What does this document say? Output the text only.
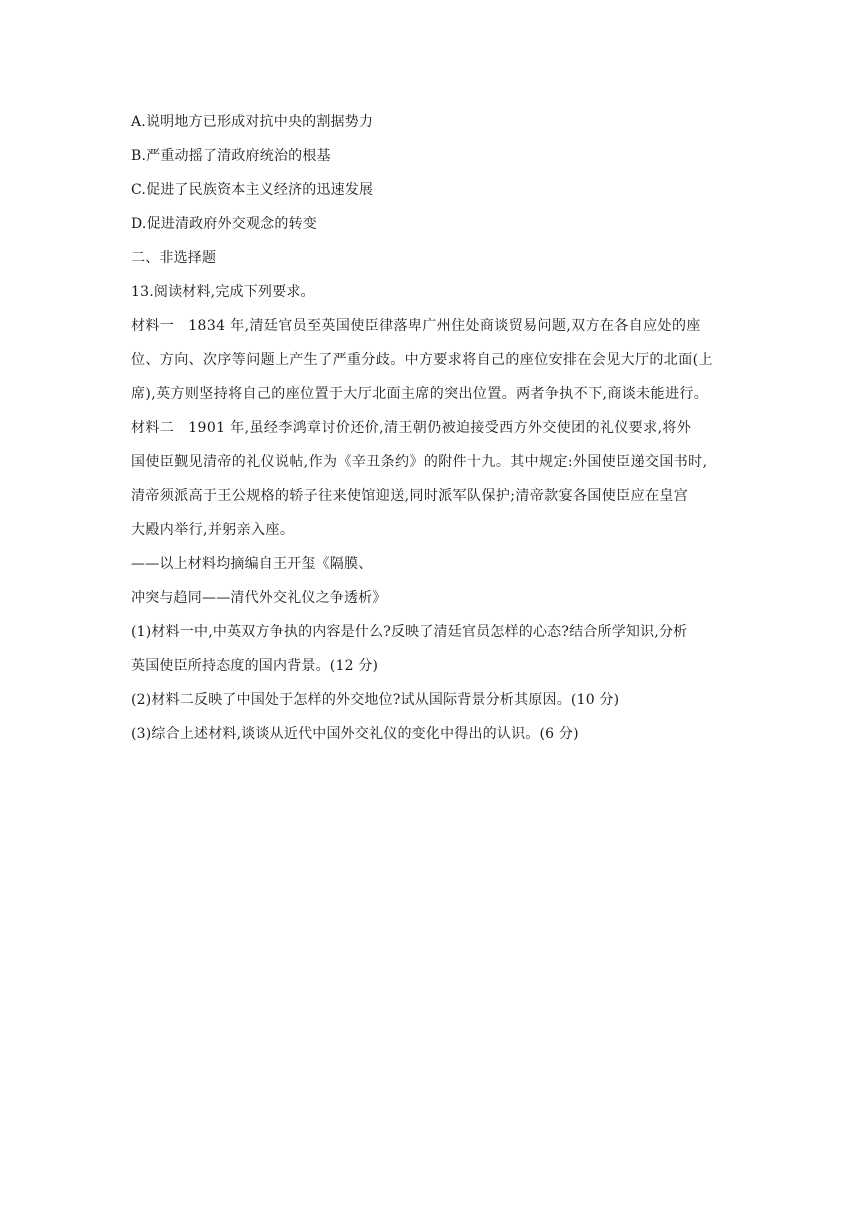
A.说明地方已形成对抗中央的割据势力
B.严重动摇了清政府统治的根基
C.促进了民族资本主义经济的迅速发展
D.促进清政府外交观念的转变
二、非选择题
13.阅读材料,完成下列要求。
材料一 1834 年,清廷官员至英国使臣律落卑广州住处商谈贸易问题,双方在各自应处的座
位、方向、次序等问题上产生了严重分歧。中方要求将自己的座位安排在会见大厅的北面(上
席),英方则坚持将自己的座位置于大厅北面主席的突出位置。两者争执不下,商谈未能进行。
材料二 1901 年,虽经李鸿章讨价还价,清王朝仍被迫接受西方外交使团的礼仪要求,将外
国使臣觐见清帝的礼仪说帖,作为《辛丑条约》的附件十九。其中规定:外国使臣递交国书时,
清帝须派高于王公规格的轿子往来使馆迎送,同时派军队保护;清帝款宴各国使臣应在皇宫
大殿内举行,并躬亲入座。
——以上材料均摘编自王开玺《隔膜、
冲突与趋同——清代外交礼仪之争透析》
(1)材料一中,中英双方争执的内容是什么?反映了清廷官员怎样的心态?结合所学知识,分析
英国使臣所持态度的国内背景。(12 分)
(2)材料二反映了中国处于怎样的外交地位?试从国际背景分析其原因。(10 分)
(3)综合上述材料,谈谈从近代中国外交礼仪的变化中得出的认识。(6 分)
